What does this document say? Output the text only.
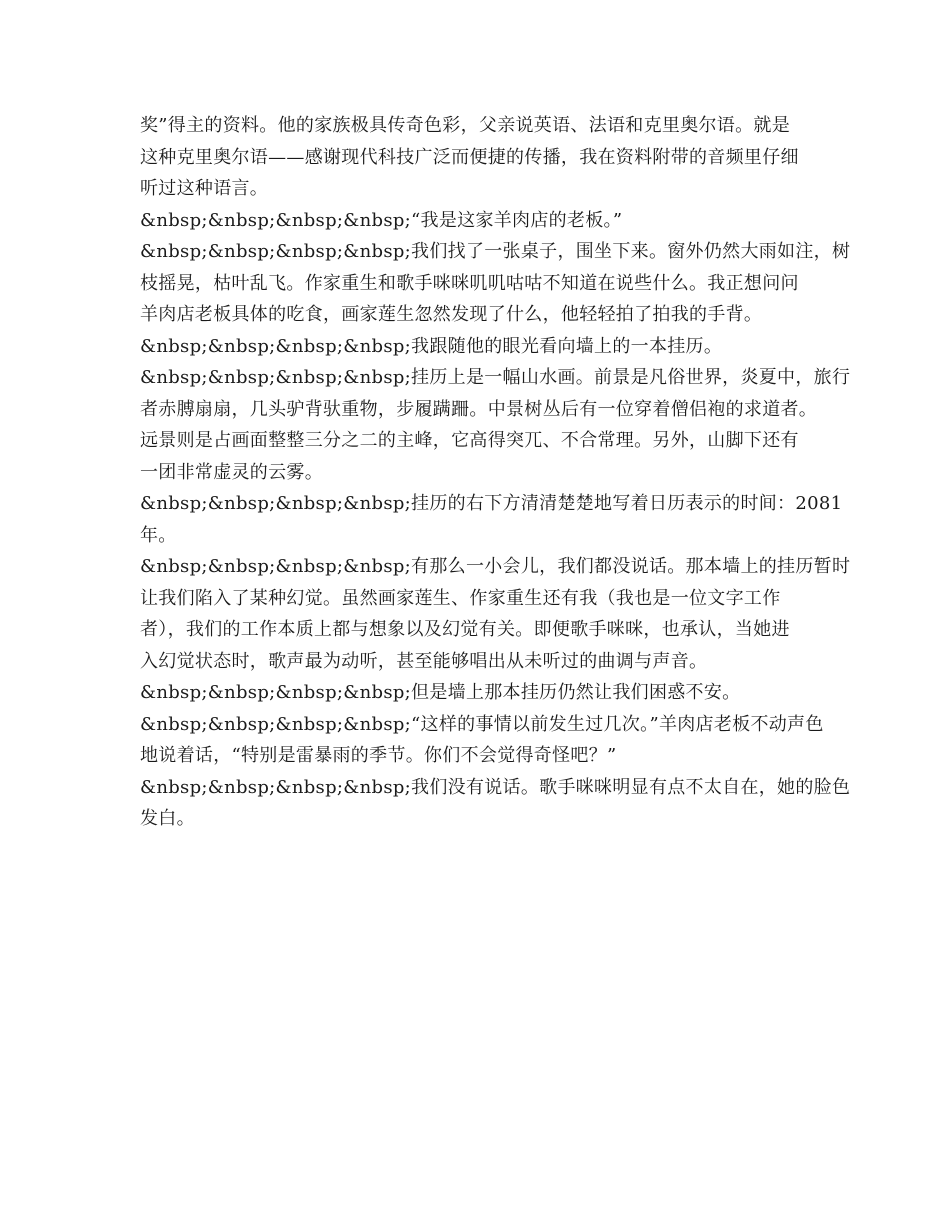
奖”得主的资料。他的家族极具传奇色彩，父亲说英语、法语和克里奥尔语。就是
这种克里奥尔语——感谢现代科技广泛而便捷的传播，我在资料附带的音频里仔细
听过这种语言。
&nbsp;&nbsp;&nbsp;&nbsp;“我是这家羊肉店的老板。”
&nbsp;&nbsp;&nbsp;&nbsp;我们找了一张桌子，围坐下来。窗外仍然大雨如注，树
枝摇晃，枯叶乱飞。作家重生和歌手咪咪叽叽咕咕不知道在说些什么。我正想问问
羊肉店老板具体的吃食，画家莲生忽然发现了什么，他轻轻拍了拍我的手背。
&nbsp;&nbsp;&nbsp;&nbsp;我跟随他的眼光看向墙上的一本挂历。
&nbsp;&nbsp;&nbsp;&nbsp;挂历上是一幅山水画。前景是凡俗世界，炎夏中，旅行
者赤膊扇扇，几头驴背驮重物，步履蹒跚。中景树丛后有一位穿着僧侣袍的求道者。
远景则是占画面整整三分之二的主峰，它高得突兀、不合常理。另外，山脚下还有
一团非常虚灵的云雾。
&nbsp;&nbsp;&nbsp;&nbsp;挂历的右下方清清楚楚地写着日历表示的时间：2081
年。
&nbsp;&nbsp;&nbsp;&nbsp;有那么一小会儿，我们都没说话。那本墙上的挂历暂时
让我们陷入了某种幻觉。虽然画家莲生、作家重生还有我（我也是一位文字工作
者），我们的工作本质上都与想象以及幻觉有关。即便歌手咪咪，也承认，当她进
入幻觉状态时，歌声最为动听，甚至能够唱出从未听过的曲调与声音。
&nbsp;&nbsp;&nbsp;&nbsp;但是墙上那本挂历仍然让我们困惑不安。
&nbsp;&nbsp;&nbsp;&nbsp;“这样的事情以前发生过几次。”羊肉店老板不动声色
地说着话，“特别是雷暴雨的季节。你们不会觉得奇怪吧？”
&nbsp;&nbsp;&nbsp;&nbsp;我们没有说话。歌手咪咪明显有点不太自在，她的脸色
发白。
